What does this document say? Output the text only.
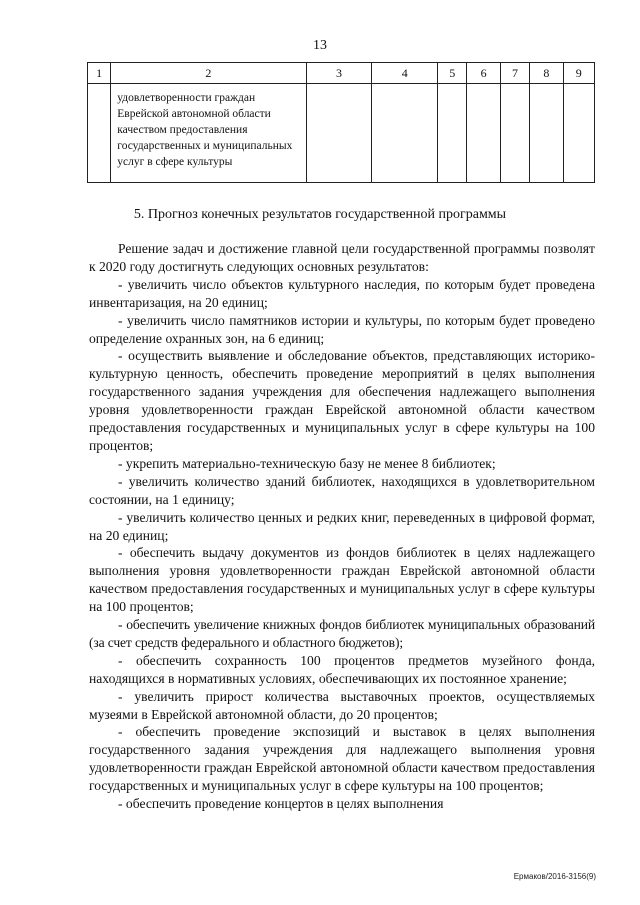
13
1	2	3	4	5	6	7	8	9

	удовлетворенности граждан Еврейской автономной области качеством предоставления государственных и муниципальных услуг в сфере культуры							

5. Прогноз конечных результатов государственной программы

Решение задач и достижение главной цели государственной программы позволят к 2020 году достигнуть следующих основных результатов:

- увеличить число объектов культурного наследия, по которым будет проведена инвентаризация, на 20 единиц;

- увеличить число памятников истории и культуры, по которым будет проведено определение охранных зон, на 6 единиц;

- осуществить выявление и обследование объектов, представляющих историко-культурную ценность, обеспечить проведение мероприятий в целях выполнения государственного задания учреждения для обеспечения надлежащего выполнения уровня удовлетворенности граждан Еврейской автономной области качеством предоставления государственных и муниципальных услуг в сфере культуры на 100 процентов;

- укрепить материально-техническую базу не менее 8 библиотек;

- увеличить количество зданий библиотек, находящихся в удовлетворительном состоянии, на 1 единицу;

- увеличить количество ценных и редких книг, переведенных в цифровой формат, на 20 единиц;

- обеспечить выдачу документов из фондов библиотек в целях надлежащего выполнения уровня удовлетворенности граждан Еврейской автономной области качеством предоставления государственных и муниципальных услуг в сфере культуры на 100 процентов;

- обеспечить увеличение книжных фондов библиотек муниципальных образований (за счет средств федерального и областного бюджетов);

- обеспечить сохранность 100 процентов предметов музейного фонда, находящихся в нормативных условиях, обеспечивающих их постоянное хранение;

- увеличить прирост количества выставочных проектов, осуществляемых музеями в Еврейской автономной области, до 20 процентов;

- обеспечить проведение экспозиций и выставок в целях выполнения государственного задания учреждения для надлежащего выполнения уровня удовлетворенности граждан Еврейской автономной области качеством предоставления государственных и муниципальных услуг в сфере культуры на 100 процентов;

- обеспечить проведение концертов в целях выполнения

Ермаков/2016-3156(9)
